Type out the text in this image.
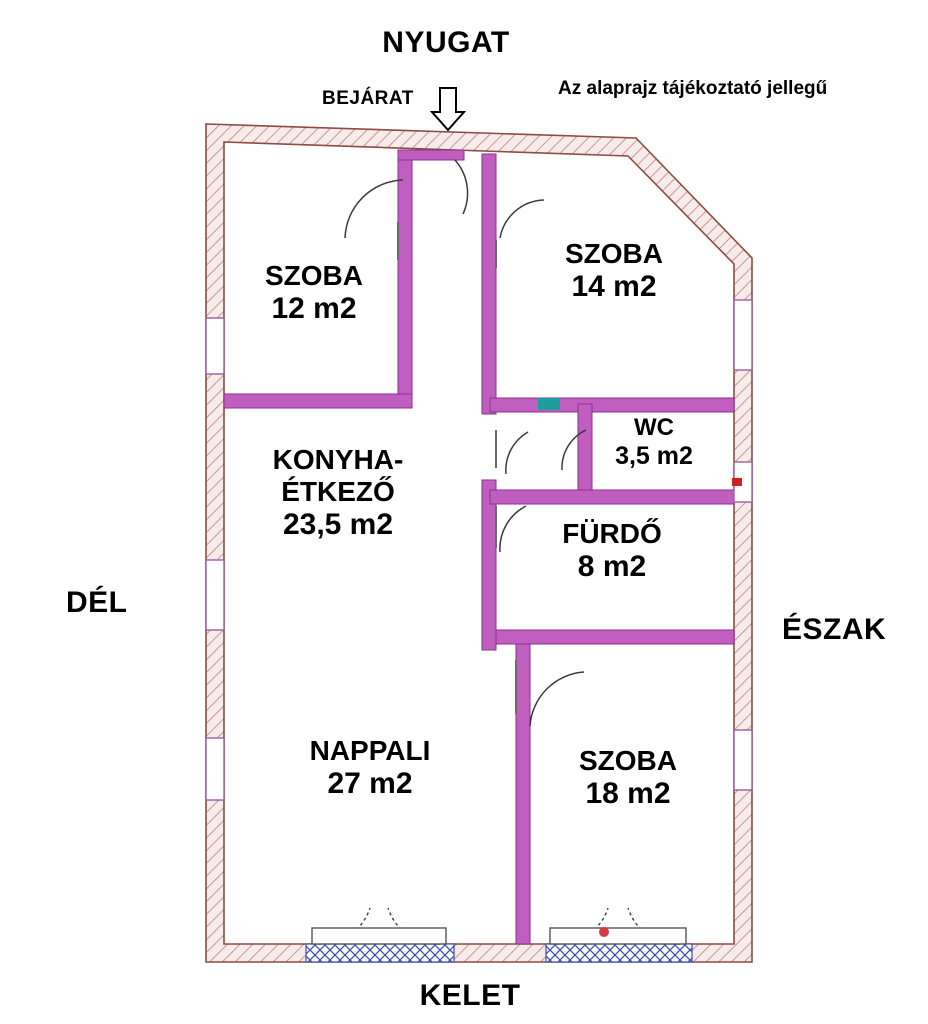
NYUGAT
DÉL
ÉSZAK
KELET
Az alaprajz tájékoztató jellegű
BEJÁRAT
SZOBA
12 m2
SZOBA
14 m2
KONYHA-
ÉTKEZŐ
23,5 m2
WC
3,5 m2
FÜRDŐ
8 m2
NAPPALI
27 m2
SZOBA
18 m2
